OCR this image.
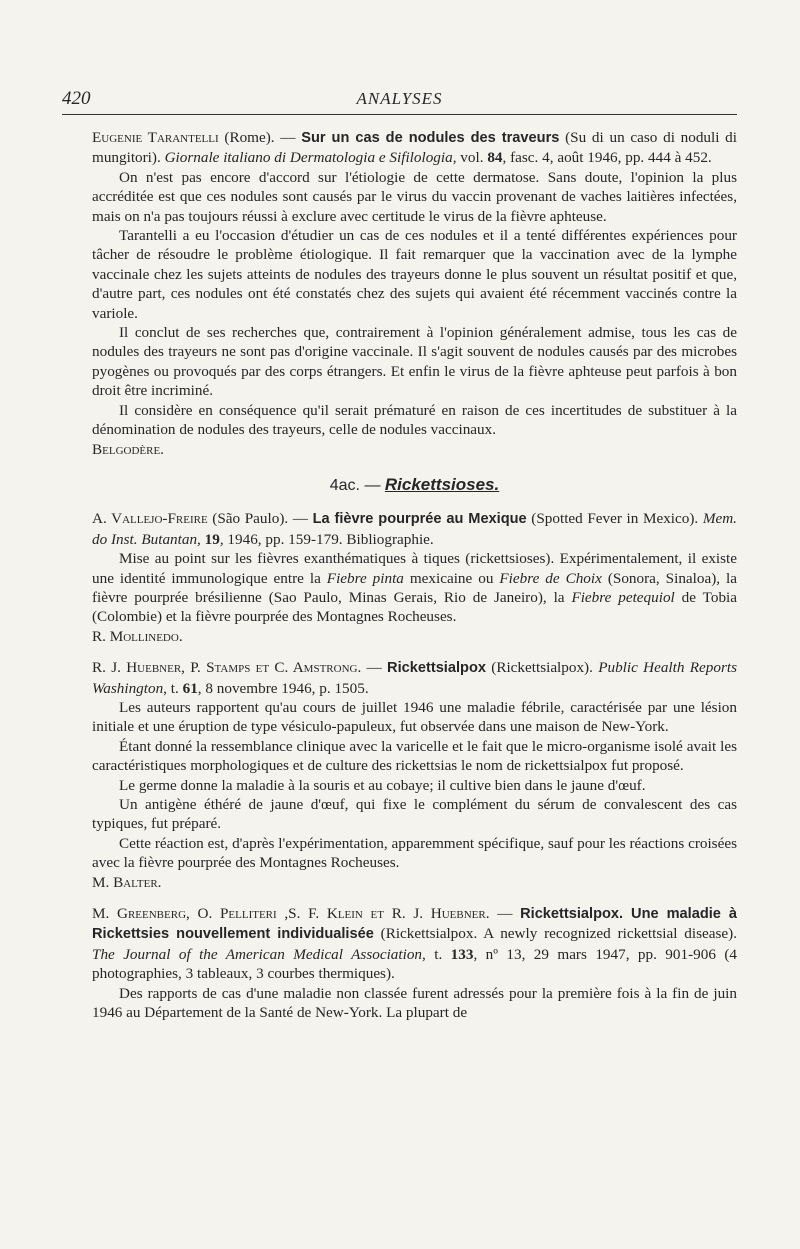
420	ANALYSES

Eugenie Tarantelli (Rome). — Sur un cas de nodules des traveurs (Su di un caso di noduli di mungitori). Giornale italiano di Dermatologia e Sifilologia, vol. 84, fasc. 4, août 1946, pp. 444 à 452.

On n'est pas encore d'accord sur l'étiologie de cette dermatose. Sans doute, l'opinion la plus accréditée est que ces nodules sont causés par le virus du vaccin provenant de vaches laitières infectées, mais on n'a pas toujours réussi à exclure avec certitude le virus de la fièvre aphteuse.

Tarantelli a eu l'occasion d'étudier un cas de ces nodules et il a tenté différentes expériences pour tâcher de résoudre le problème étiologique. Il fait remarquer que la vaccination avec de la lymphe vaccinale chez les sujets atteints de nodules des trayeurs donne le plus souvent un résultat positif et que, d'autre part, ces nodules ont été constatés chez des sujets qui avaient été récemment vaccinés contre la variole.

Il conclut de ses recherches que, contrairement à l'opinion généralement admise, tous les cas de nodules des trayeurs ne sont pas d'origine vaccinale. Il s'agit souvent de nodules causés par des microbes pyogènes ou provoqués par des corps étrangers. Et enfin le virus de la fièvre aphteuse peut parfois à bon droit être incriminé.

Il considère en conséquence qu'il serait prématuré en raison de ces incertitudes de substituer à la dénomination de nodules des trayeurs, celle de nodules vaccinaux.

Belgodère.

4ac. — Rickettsioses.

A. Vallejo-Freire (São Paulo). — La fièvre pourprée au Mexique (Spotted Fever in Mexico). Mem. do Inst. Butantan, 19, 1946, pp. 159-179. Bibliographie.

Mise au point sur les fièvres exanthématiques à tiques (rickettsioses). Expérimentalement, il existe une identité immunologique entre la Fiebre pinta mexicaine ou Fiebre de Choix (Sonora, Sinaloa), la fièvre pourprée brésilienne (Sao Paulo, Minas Gerais, Rio de Janeiro), la Fiebre petequiol de Tobia (Colombie) et la fièvre pourprée des Montagnes Rocheuses.

R. Mollinedo.

R. J. Huebner, P. Stamps et C. Amstrong. — Rickettsialpox (Rickettsialpox). Public Health Reports Washington, t. 61, 8 novembre 1946, p. 1505.

Les auteurs rapportent qu'au cours de juillet 1946 une maladie fébrile, caractérisée par une lésion initiale et une éruption de type vésiculo-papuleux, fut observée dans une maison de New-York.

Étant donné la ressemblance clinique avec la varicelle et le fait que le micro-organisme isolé avait les caractéristiques morphologiques et de culture des rickettsias le nom de rickettsialpox fut proposé.

Le germe donne la maladie à la souris et au cobaye; il cultive bien dans le jaune d'œuf.

Un antigène éthéré de jaune d'œuf, qui fixe le complément du sérum de convalescent des cas typiques, fut préparé.

Cette réaction est, d'après l'expérimentation, apparemment spécifique, sauf pour les réactions croisées avec la fièvre pourprée des Montagnes Rocheuses.

M. Balter.

M. Greenberg, O. Pelliteri ,S. F. Klein et R. J. Huebner. — Rickettsialpox. Une maladie à Rickettsies nouvellement individualisée (Rickettsialpox. A newly recognized rickettsial disease). The Journal of the American Medical Association, t. 133, nº 13, 29 mars 1947, pp. 901-906 (4 photographies, 3 tableaux, 3 courbes thermiques).

Des rapports de cas d'une maladie non classée furent adressés pour la première fois à la fin de juin 1946 au Département de la Santé de New-York. La plupart de
